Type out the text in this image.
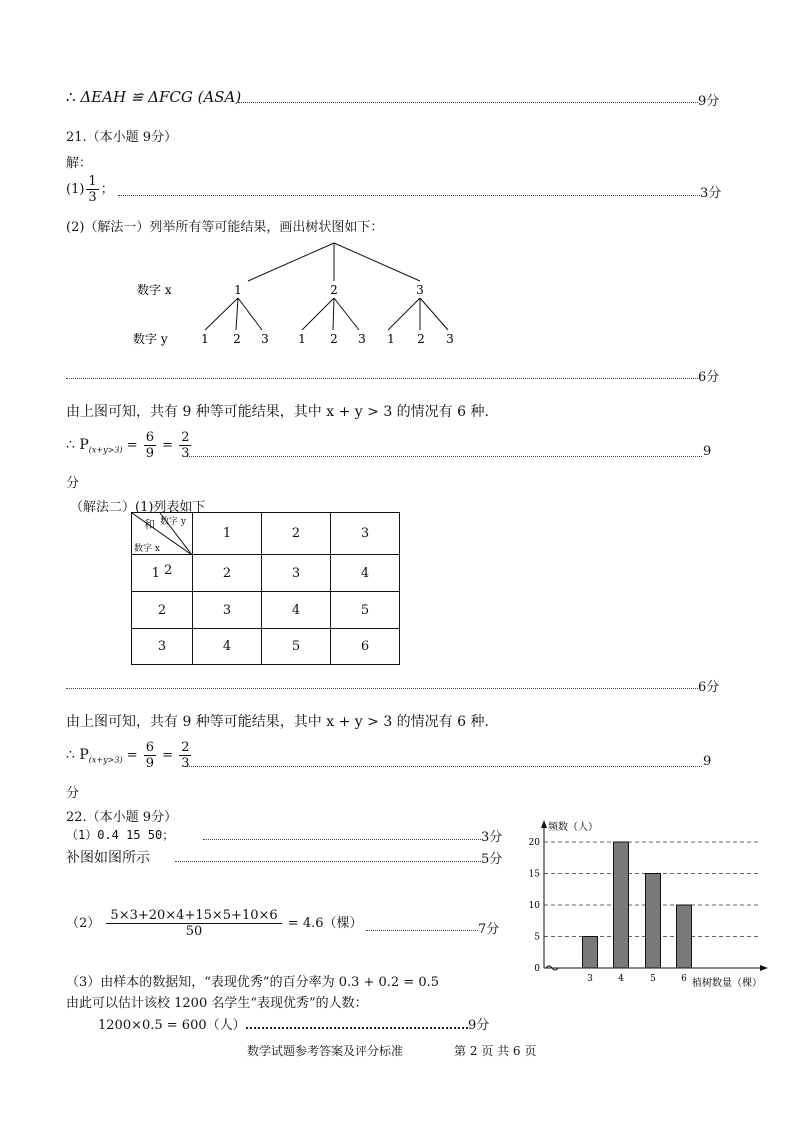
∴ ΔEAH ≌ ΔFCG (ASA)	9分
21.（本小题 9分）
解：
$(1) \frac{1}{3}$ ；	3分
(2)（解法一）列举所有等可能结果，画出树状图如下：
数字 x
数字 y
1	2	3
1 2 3 1 2 3 1 2 3
6分
由上图可知，共有 9 种等可能结果，其中 x + y > 3 的情况有 6 种.
∴ $P_{(x+y>3)} = \frac{6}{9} = \frac{2}{3}$	9
分
（解法二）(1)列表如下
和 数字 y
数字 x	1	2	3
1 2	2	3	4
2	3	4	5
3	4	5	6
6分
由上图可知，共有 9 种等可能结果，其中 x + y > 3 的情况有 6 种.
∴ $P_{(x+y>3)} = \frac{6}{9} = \frac{2}{3}$	9
分
22.（本小题 9分）
（1）0.4 15 50；	3分
补图如图所示	5分
$(2) \frac{5\times 3+20\times 4+15\times 5+10\times 6}{50} = 4.6$（棵）	7分
（3）由样本的数据知，“表现优秀”的百分率为 0.3 + 0.2 = 0.5
由此可以估计该校 1200 名学生“表现优秀”的人数：
1200×0.5 = 600（人）	9分
频数（人）
植树数量（棵）
0
5
10
15
20
3	4	5	6
数学试题参考答案及评分标准	第 2 页 共 6 页
